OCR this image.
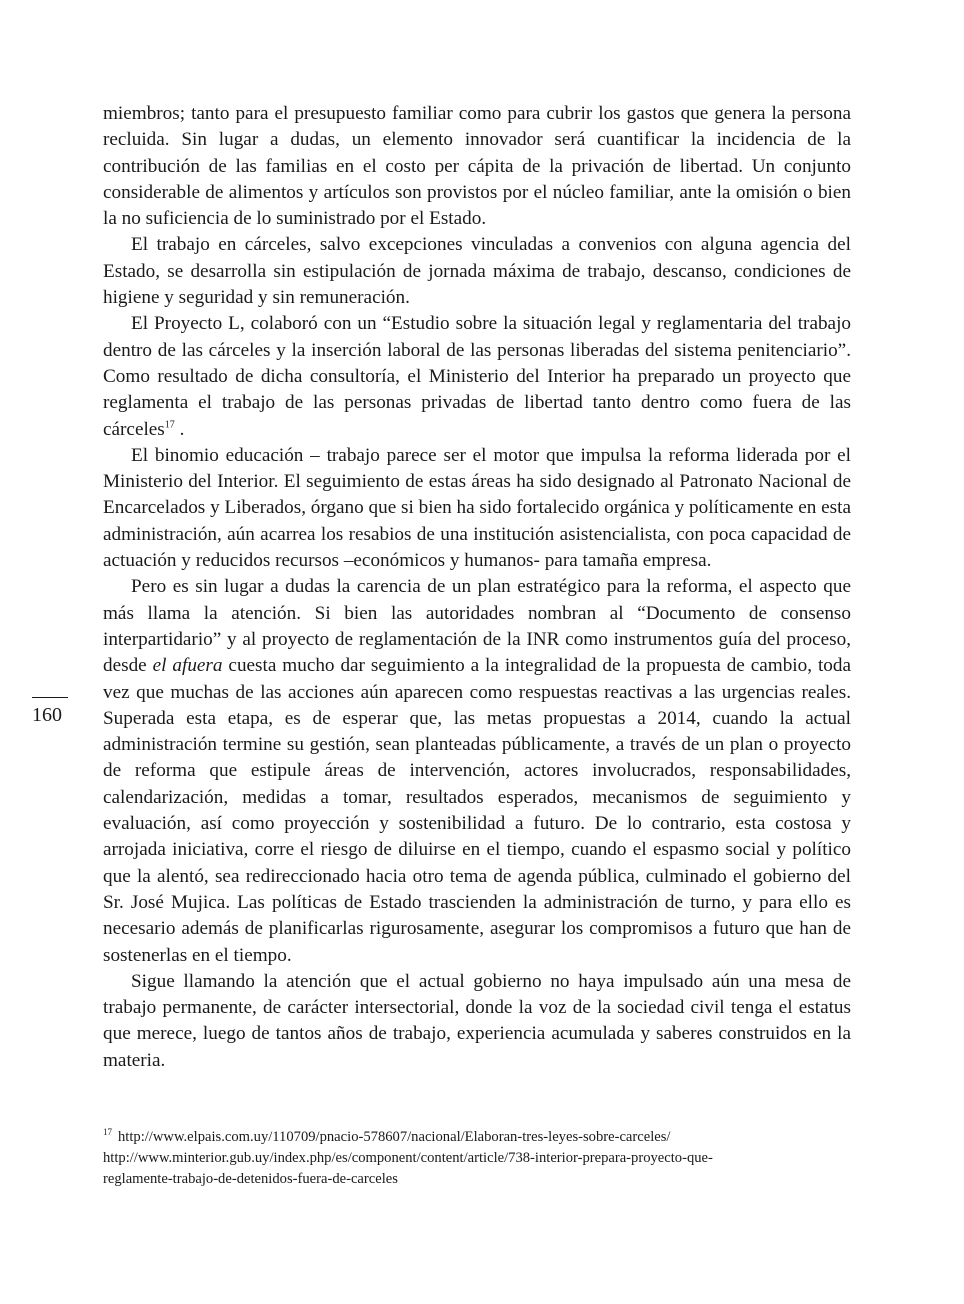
miembros; tanto para el presupuesto familiar como para cubrir los gastos que genera la persona recluida. Sin lugar a dudas, un elemento innovador será cuantificar la incidencia de la contribución de las familias en el costo per cápita de la privación de libertad. Un conjunto considerable de alimentos y artículos son provistos por el núcleo familiar, ante la omisión o bien la no suficiencia de lo suministrado por el Estado.

El trabajo en cárceles, salvo excepciones vinculadas a convenios con alguna agencia del Estado, se desarrolla sin estipulación de jornada máxima de trabajo, descanso, condiciones de higiene y seguridad y sin remuneración.

El Proyecto L, colaboró con un “Estudio sobre la situación legal y reglamentaria del trabajo dentro de las cárceles y la inserción laboral de las personas liberadas del sistema penitenciario”. Como resultado de dicha consultoría, el Ministerio del Interior ha preparado un proyecto que reglamenta el trabajo de las personas privadas de libertad tanto dentro como fuera de las cárceles$^{17}$ .

El binomio educación – trabajo parece ser el motor que impulsa la reforma liderada por el Ministerio del Interior. El seguimiento de estas áreas ha sido designado al Patronato Nacional de Encarcelados y Liberados, órgano que si bien ha sido fortalecido orgánica y políticamente en esta administración, aún acarrea los resabios de una institución asistencialista, con poca capacidad de actuación y reducidos recursos –económicos y humanos- para tamaña empresa.

Pero es sin lugar a dudas la carencia de un plan estratégico para la reforma, el aspecto que más llama la atención. Si bien las autoridades nombran al “Documento de consenso interpartidario” y al proyecto de reglamentación de la INR como instrumentos guía del proceso, desde el afuera cuesta mucho dar seguimiento a la integralidad de la propuesta de cambio, toda vez que muchas de las acciones aún aparecen como respuestas reactivas a las urgencias reales. Superada esta etapa, es de esperar que, las metas propuestas a 2014, cuando la actual administración termine su gestión, sean planteadas públicamente, a través de un plan o proyecto de reforma que estipule áreas de intervención, actores involucrados, responsabilidades, calendarización, medidas a tomar, resultados esperados, mecanismos de seguimiento y evaluación, así como proyección y sostenibilidad a futuro. De lo contrario, esta costosa y arrojada iniciativa, corre el riesgo de diluirse en el tiempo, cuando el espasmo social y político que la alentó, sea redireccionado hacia otro tema de agenda pública, culminado el gobierno del Sr. José Mujica. Las políticas de Estado trascienden la administración de turno, y para ello es necesario además de planificarlas rigurosamente, asegurar los compromisos a futuro que han de sostenerlas en el tiempo.

Sigue llamando la atención que el actual gobierno no haya impulsado aún una mesa de trabajo permanente, de carácter intersectorial, donde la voz de la sociedad civil tenga el estatus que merece, luego de tantos años de trabajo, experiencia acumulada y saberes construidos en la materia.

160
$^{17}$ http://www.elpais.com.uy/110709/pnacio-578607/nacional/Elaboran-tres-leyes-sobre-carceles/
http://www.minterior.gub.uy/index.php/es/component/content/article/738-interior-prepara-proyecto-que-
reglamente-trabajo-de-detenidos-fuera-de-carceles
